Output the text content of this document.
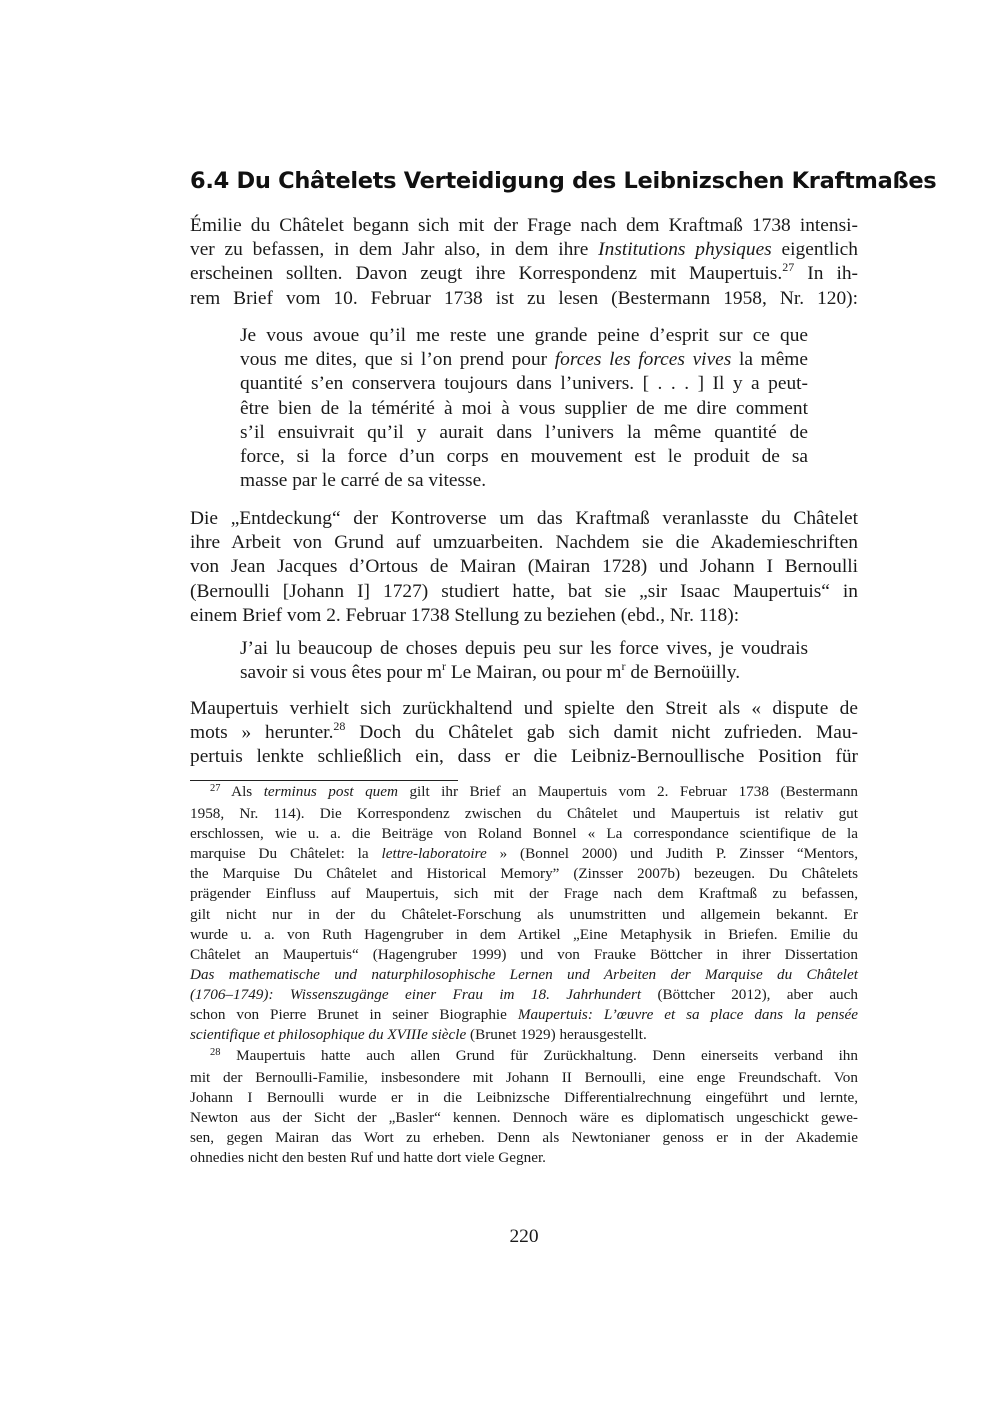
6.4 Du Châtelets Verteidigung des Leibnizschen Kraftmaßes
Émilie du Châtelet begann sich mit der Frage nach dem Kraftmaß 1738 intensi-
ver zu befassen, in dem Jahr also, in dem ihre Institutions physiques eigentlich
erscheinen sollten. Davon zeugt ihre Korrespondenz mit Maupertuis.$^{27}$ In ih-
rem Brief vom 10. Februar 1738 ist zu lesen (Bestermann 1958, Nr. 120):
Je vous avoue qu’il me reste une grande peine d’esprit sur ce que
vous me dites, que si l’on prend pour forces les forces vives la même
quantité s’en conservera toujours dans l’univers. [ . . . ] Il y a peut-
être bien de la témérité à moi à vous supplier de me dire comment
s’il ensuivrait qu’il y aurait dans l’univers la même quantité de
force, si la force d’un corps en mouvement est le produit de sa
masse par le carré de sa vitesse.
Die „Entdeckung“ der Kontroverse um das Kraftmaß veranlasste du Châtelet
ihre Arbeit von Grund auf umzuarbeiten. Nachdem sie die Akademieschriften
von Jean Jacques d’Ortous de Mairan (Mairan 1728) und Johann I Bernoulli
(Bernoulli [Johann I] 1727) studiert hatte, bat sie „sir Isaac Maupertuis“ in
einem Brief vom 2. Februar 1738 Stellung zu beziehen (ebd., Nr. 118):
J’ai lu beaucoup de choses depuis peu sur les force vives, je voudrais
savoir si vous êtes pour $m^r$ Le Mairan, ou pour $m^r$ de Bernoüilly.
Maupertuis verhielt sich zurückhaltend und spielte den Streit als « dispute de
mots » herunter.$^{28}$ Doch du Châtelet gab sich damit nicht zufrieden. Mau-
pertuis lenkte schließlich ein, dass er die Leibniz-Bernoullische Position für
$^{27}$ Als terminus post quem gilt ihr Brief an Maupertuis vom 2. Februar 1738 (Bestermann
1958, Nr. 114). Die Korrespondenz zwischen du Châtelet und Maupertuis ist relativ gut
erschlossen, wie u. a. die Beiträge von Roland Bonnel « La correspondance scientifique de la
marquise Du Châtelet: la lettre-laboratoire » (Bonnel 2000) und Judith P. Zinsser “Mentors,
the Marquise Du Châtelet and Historical Memory” (Zinsser 2007b) bezeugen. Du Châtelets
prägender Einfluss auf Maupertuis, sich mit der Frage nach dem Kraftmaß zu befassen,
gilt nicht nur in der du Châtelet-Forschung als unumstritten und allgemein bekannt. Er
wurde u. a. von Ruth Hagengruber in dem Artikel „Eine Metaphysik in Briefen. Emilie du
Châtelet an Maupertuis“ (Hagengruber 1999) und von Frauke Böttcher in ihrer Dissertation
Das mathematische und naturphilosophische Lernen und Arbeiten der Marquise du Châtelet
(1706–1749): Wissenszugänge einer Frau im 18. Jahrhundert (Böttcher 2012), aber auch
schon von Pierre Brunet in seiner Biographie Maupertuis: L’œuvre et sa place dans la pensée
scientifique et philosophique du XVIIIe siècle (Brunet 1929) herausgestellt.
$^{28}$ Maupertuis hatte auch allen Grund für Zurückhaltung. Denn einerseits verband ihn
mit der Bernoulli-Familie, insbesondere mit Johann II Bernoulli, eine enge Freundschaft. Von
Johann I Bernoulli wurde er in die Leibnizsche Differentialrechnung eingeführt und lernte,
Newton aus der Sicht der „Basler“ kennen. Dennoch wäre es diplomatisch ungeschickt gewe-
sen, gegen Mairan das Wort zu erheben. Denn als Newtonianer genoss er in der Akademie
ohnedies nicht den besten Ruf und hatte dort viele Gegner.
220
